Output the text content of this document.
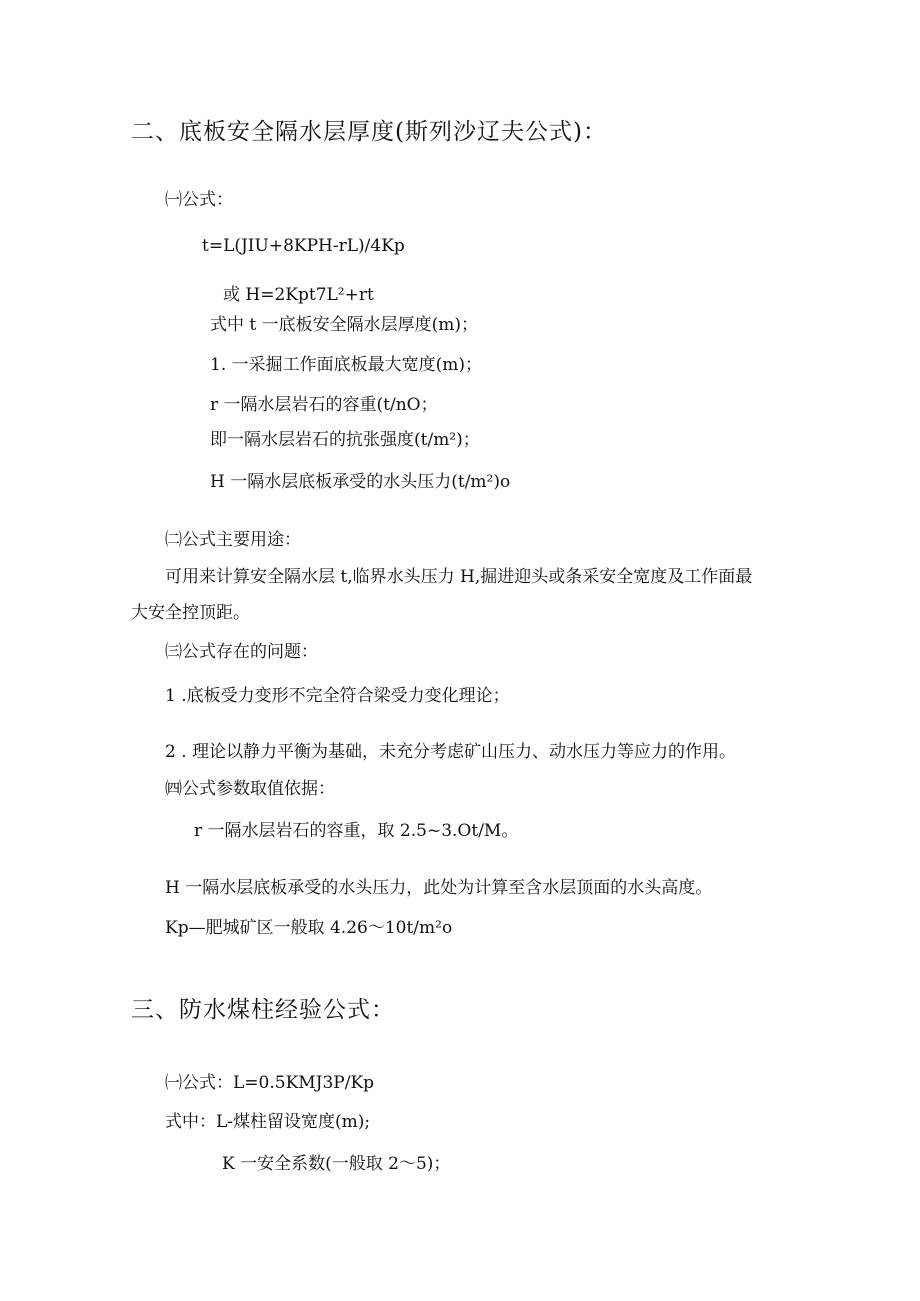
二、底板安全隔水层厚度(斯列沙辽夫公式)：
㈠公式：
t=L(JIU+8KPH-rL)/4Kp
或 H=2Kpt7L²+rt
式中 t 一底板安全隔水层厚度(m)；
1. 一采掘工作面底板最大宽度(m)；
r 一隔水层岩石的容重(t/nO；
即一隔水层岩石的抗张强度(t∕m²)；
H 一隔水层底板承受的水头压力(t∕m²)o
㈡公式主要用途：
可用来计算安全隔水层 t,临界水头压力 H,掘进迎头或条采安全宽度及工作面最
大安全控顶距。
㈢公式存在的问题：
1 .底板受力变形不完全符合梁受力变化理论；
2 . 理论以静力平衡为基础，未充分考虑矿山压力、动水压力等应力的作用。
㈣公式参数取值依据：
r 一隔水层岩石的容重，取 2.5~3.Ot/M。
H 一隔水层底板承受的水头压力，此处为计算至含水层顶面的水头高度。
Kp—肥城矿区一般取 4.26～10t∕m²o
三、防水煤柱经验公式：
㈠公式：L=0.5KMJ3P/Kp
式中：L-煤柱留设宽度(m);
K 一安全系数(一般取 2～5)；
